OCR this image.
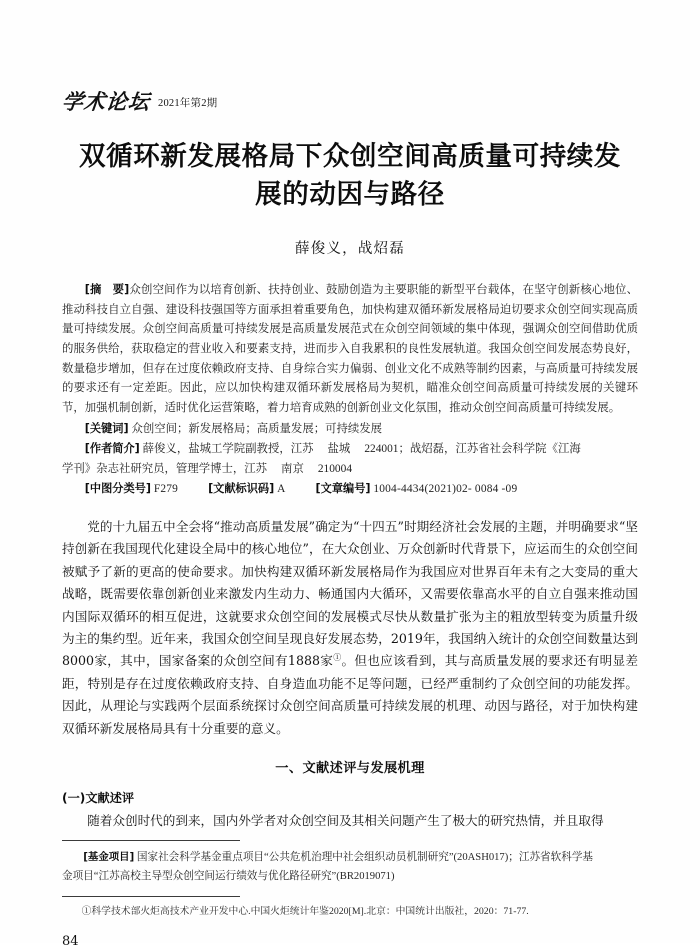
学术论坛 2021年第2期
双循环新发展格局下众创空间高质量可持续发展的动因与路径
薛俊义，战炤磊

[摘　要]众创空间作为以培育创新、扶持创业、鼓励创造为主要职能的新型平台载体，在坚守创新核心地位、推动科技自立自强、建设科技强国等方面承担着重要角色，加快构建双循环新发展格局迫切要求众创空间实现高质量可持续发展。众创空间高质量可持续发展是高质量发展范式在众创空间领域的集中体现，强调众创空间借助优质的服务供给，获取稳定的营业收入和要素支持，进而步入自我累积的良性发展轨道。我国众创空间发展态势良好，数量稳步增加，但存在过度依赖政府支持、自身综合实力偏弱、创业文化不成熟等制约因素，与高质量可持续发展的要求还有一定差距。因此，应以加快构建双循环新发展格局为契机，瞄准众创空间高质量可持续发展的关键环节，加强机制创新，适时优化运营策略，着力培育成熟的创新创业文化氛围，推动众创空间高质量可持续发展。

[关键词] 众创空间；新发展格局；高质量发展；可持续发展

[作者简介] 薛俊义，盐城工学院副教授，江苏 盐城 224001；战炤磊，江苏省社会科学院《江海

学刊》杂志社研究员，管理学博士，江苏 南京 210004

[中图分类号] F279	[文献标识码] A	[文章编号] 1004-4434(2021)02- 0084 -09

党的十九届五中全会将“推动高质量发展”确定为“十四五”时期经济社会发展的主题，并明确要求“坚持创新在我国现代化建设全局中的核心地位”，在大众创业、万众创新时代背景下，应运而生的众创空间被赋予了新的更高的使命要求。加快构建双循环新发展格局作为我国应对世界百年未有之大变局的重大战略，既需要依靠创新创业来激发内生动力、畅通国内大循环，又需要依靠高水平的自立自强来推动国内国际双循环的相互促进，这就要求众创空间的发展模式尽快从数量扩张为主的粗放型转变为质量升级为主的集约型。近年来，我国众创空间呈现良好发展态势，2019年，我国纳入统计的众创空间数量达到8000家，其中，国家备案的众创空间有1888家①。但也应该看到，其与高质量发展的要求还有明显差距，特别是存在过度依赖政府支持、自身造血功能不足等问题，已经严重制约了众创空间的功能发挥。因此，从理论与实践两个层面系统探讨众创空间高质量可持续发展的机理、动因与路径，对于加快构建双循环新发展格局具有十分重要的意义。

一、文献述评与发展机理
(一)文献述评

随着众创时代的到来，国内外学者对众创空间及其相关问题产生了极大的研究热情，并且取得

[基金项目] 国家社会科学基金重点项目“公共危机治理中社会组织动员机制研究”(20ASH017)；江苏省软科学基

金项目“江苏高校主导型众创空间运行绩效与优化路径研究”(BR2019071)

①科学技术部火炬高技术产业开发中心.中国火炬统计年鉴2020[M].北京：中国统计出版社，2020：71-77.
84
